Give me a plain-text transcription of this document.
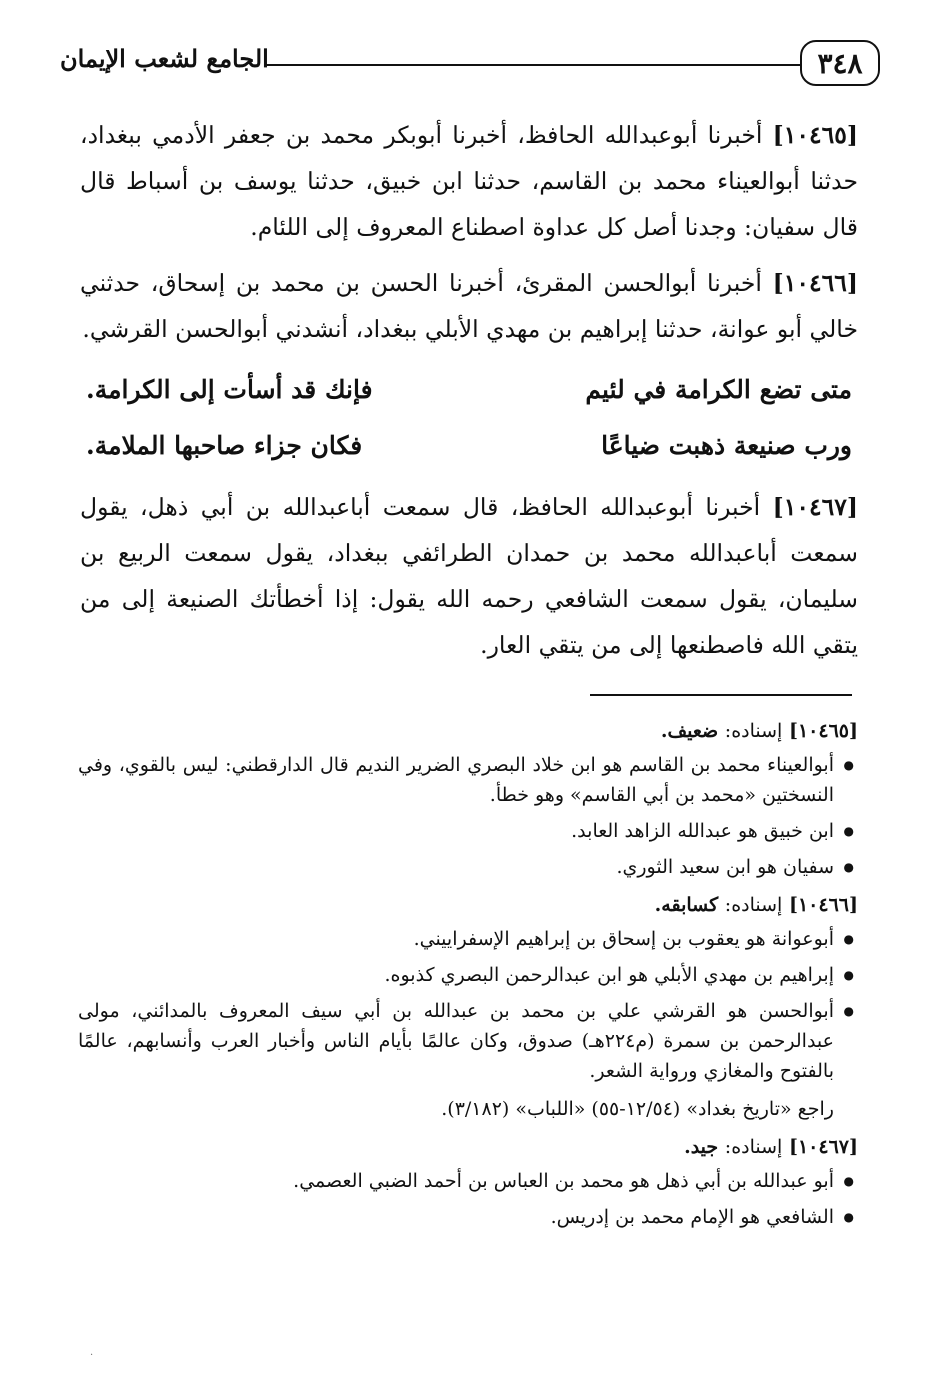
٣٤٨
الجامع لشعب الإيمان

[١٠٤٦٥] أخبرنا أبوعبدالله الحافظ، أخبرنا أبوبكر محمد بن جعفر الأدمي ببغداد، حدثنا أبوالعيناء محمد بن القاسم، حدثنا ابن خبيق، حدثنا يوسف بن أسباط قال قال سفيان: وجدنا أصل كل عداوة اصطناع المعروف إلى اللئام.

[١٠٤٦٦] أخبرنا أبوالحسن المقرئ، أخبرنا الحسن بن محمد بن إسحاق، حدثني خالي أبو عوانة، حدثنا إبراهيم بن مهدي الأبلي ببغداد، أنشدني أبوالحسن القرشي.

متى تضع الكرامة في لئيم
فإنك قد أسأت إلى الكرامة.
ورب صنيعة ذهبت ضياعًا
فكان جزاء صاحبها الملامة.

[١٠٤٦٧] أخبرنا أبوعبدالله الحافظ، قال سمعت أباعبدالله بن أبي ذهل، يقول سمعت أباعبدالله محمد بن حمدان الطرائفي ببغداد، يقول سمعت الربيع بن سليمان، يقول سمعت الشافعي رحمه الله يقول: إذا أخطأتك الصنيعة إلى من يتقي الله فاصطنعها إلى من يتقي العار.

[١٠٤٦٥] إسناده: ضعيف.
● أبوالعيناء محمد بن القاسم هو ابن خلاد البصري الضرير النديم قال الدارقطني: ليس بالقوي، وفي النسختين «محمد بن أبي القاسم» وهو خطأ.
● ابن خبيق هو عبدالله الزاهد العابد.
● سفيان هو ابن سعيد الثوري.
[١٠٤٦٦] إسناده: كسابقه.
● أبوعوانة هو يعقوب بن إسحاق بن إبراهيم الإسفراييني.
● إبراهيم بن مهدي الأبلي هو ابن عبدالرحمن البصري كذبوه.
● أبوالحسن هو القرشي علي بن محمد بن عبدالله بن أبي سيف المعروف بالمدائني، مولى عبدالرحمن بن سمرة (م٢٢٤هـ) صدوق، وكان عالمًا بأيام الناس وأخبار العرب وأنسابهم، عالمًا بالفتوح والمغازي ورواية الشعر.
راجع «تاريخ بغداد» (١٢/٥٤-٥٥) «اللباب» (٣/١٨٢).
[١٠٤٦٧] إسناده: جيد.
● أبو عبدالله بن أبي ذهل هو محمد بن العباس بن أحمد الضبي العصمي.
● الشافعي هو الإمام محمد بن إدريس.
·
